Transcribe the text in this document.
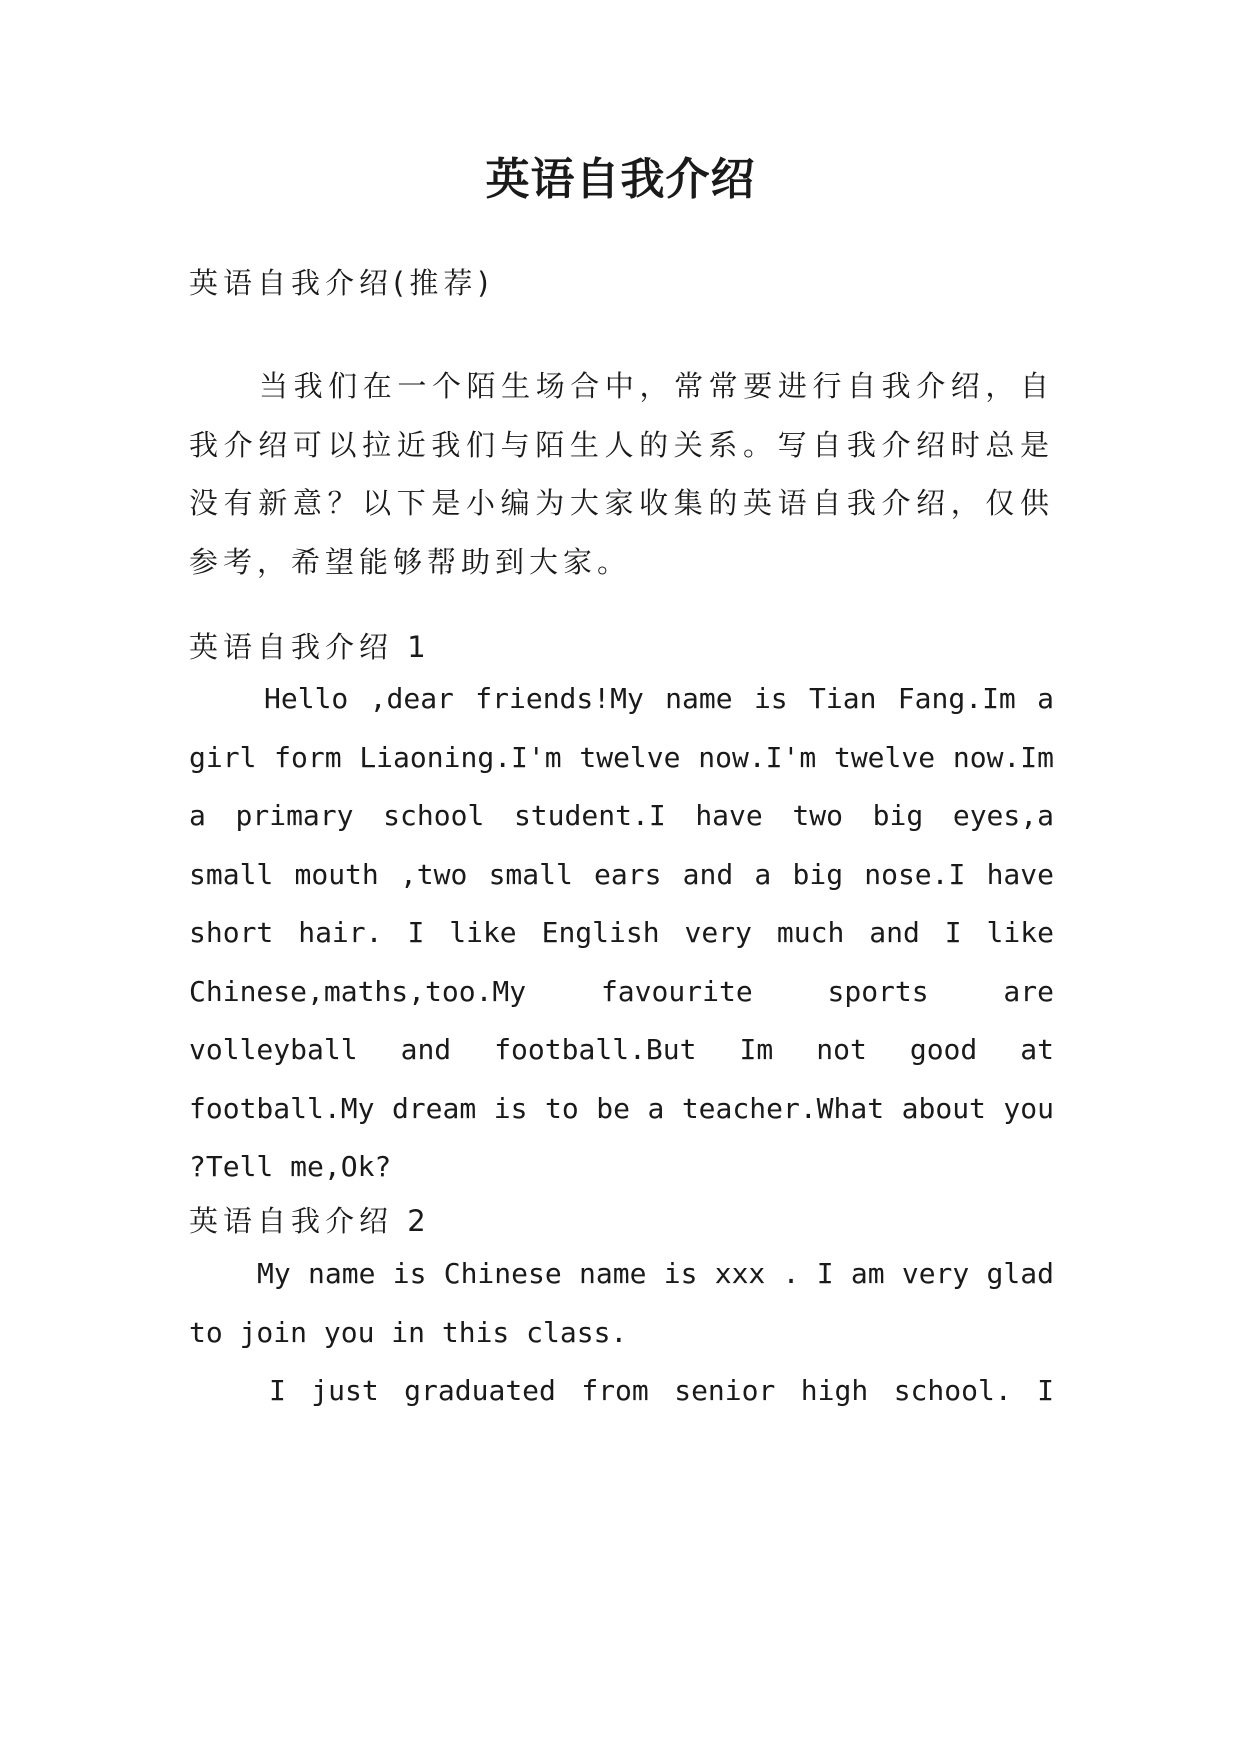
英语自我介绍
英语自我介绍(推荐)

当我们在一个陌生场合中，常常要进行自我介绍，自我介绍可以拉近我们与陌生人的关系。写自我介绍时总是没有新意？以下是小编为大家收集的英语自我介绍，仅供参考，希望能够帮助到大家。

英语自我介绍 1

Hello ,dear friends!My name is Tian Fang.Im a girl form Liaoning.I'm twelve now.I'm twelve now.Im a primary school student.I have two big eyes,a small mouth ,two small ears and a big nose.I have short hair. I like English very much and I like Chinese,maths,too.My favourite sports are volleyball and football.But Im not good at football.My dream is to be a teacher.What about you ?Tell me,Ok?

英语自我介绍 2

My name is Chinese name is xxx . I am very glad to join you in this class.

I just graduated from senior high school. I
